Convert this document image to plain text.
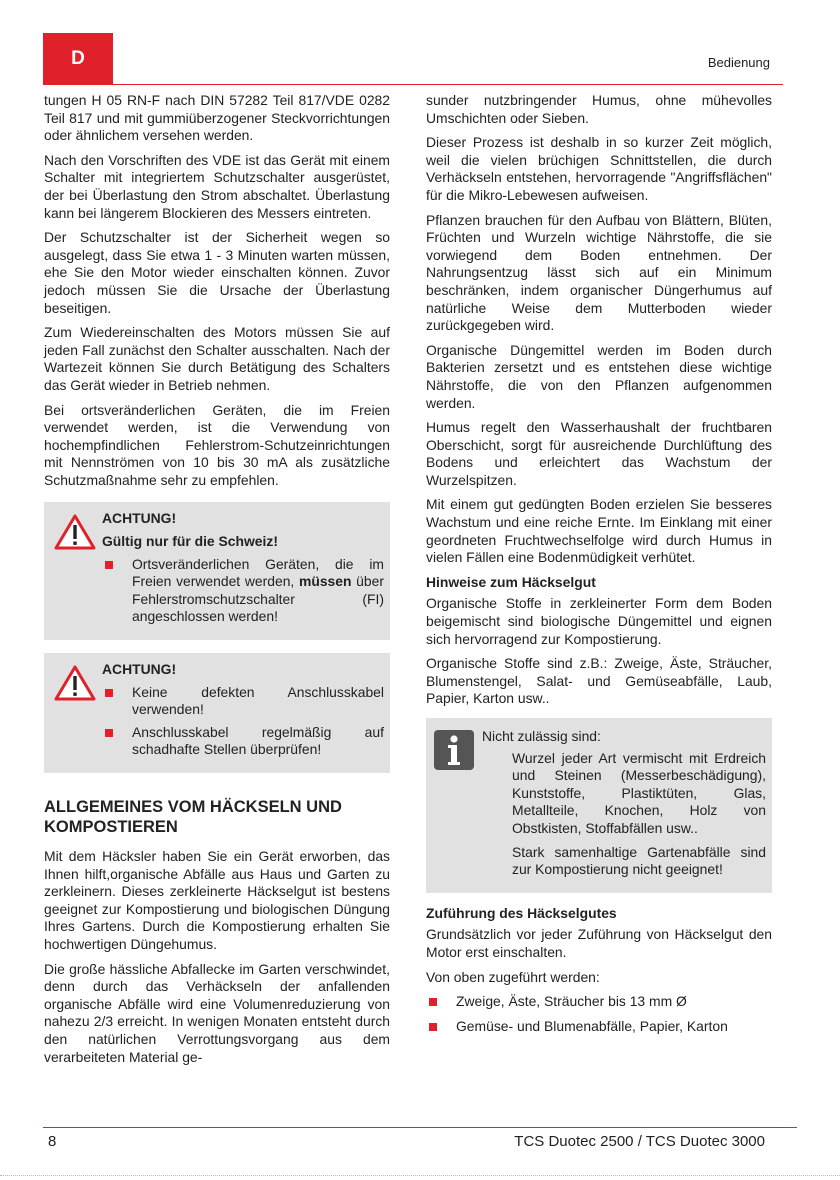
D	Bedienung

tungen H 05 RN-F nach DIN 57282 Teil 817/VDE 0282 Teil 817 und mit gummiüberzogener Steckvorrichtungen oder ähnlichem versehen werden.

Nach den Vorschriften des VDE ist das Gerät mit einem Schalter mit integriertem Schutzschalter ausgerüstet, der bei Überlastung den Strom abschaltet. Überlastung kann bei längerem Blockieren des Messers eintreten.

Der Schutzschalter ist der Sicherheit wegen so ausgelegt, dass Sie etwa 1 - 3 Minuten warten müssen, ehe Sie den Motor wieder einschalten können. Zuvor jedoch müssen Sie die Ursache der Überlastung beseitigen.

Zum Wiedereinschalten des Motors müssen Sie auf jeden Fall zunächst den Schalter ausschalten. Nach der Wartezeit können Sie durch Betätigung des Schalters das Gerät wieder in Betrieb nehmen.

Bei ortsveränderlichen Geräten, die im Freien verwendet werden, ist die Verwendung von hochempfindlichen Fehlerstrom-Schutzeinrichtungen mit Nennströmen von 10 bis 30 mA als zusätzliche Schutzmaßnahme sehr zu empfehlen.

ACHTUNG!
Gültig nur für die Schweiz!
Ortsveränderlichen Geräten, die im Freien verwendet werden, müssen über Fehlerstromschutzschalter (FI) angeschlossen werden!
ACHTUNG!
Keine defekten Anschlusskabel verwenden!
Anschlusskabel regelmäßig auf schadhafte Stellen überprüfen!
ALLGEMEINES VOM HÄCKSELN UND KOMPOSTIEREN

Mit dem Häcksler haben Sie ein Gerät erworben, das Ihnen hilft,organische Abfälle aus Haus und Garten zu zerkleinern. Dieses zerkleinerte Häckselgut ist bestens geeignet zur Kompostierung und biologischen Düngung Ihres Gartens. Durch die Kompostierung erhalten Sie hochwertigen Düngehumus.

Die große hässliche Abfallecke im Garten verschwindet, denn durch das Verhäckseln der anfallenden organische Abfälle wird eine Volumenreduzierung von nahezu 2/3 erreicht. In wenigen Monaten entsteht durch den natürlichen Verrottungsvorgang aus dem verarbeiteten Material ge-

sunder nutzbringender Humus, ohne mühevolles Umschichten oder Sieben.

Dieser Prozess ist deshalb in so kurzer Zeit möglich, weil die vielen brüchigen Schnittstellen, die durch Verhäckseln entstehen, hervorragende "Angriffsflächen" für die Mikro-Lebewesen aufweisen.

Pflanzen brauchen für den Aufbau von Blättern, Blüten, Früchten und Wurzeln wichtige Nährstoffe, die sie vorwiegend dem Boden entnehmen. Der Nahrungsentzug lässt sich auf ein Minimum beschränken, indem organischer Düngerhumus auf natürliche Weise dem Mutterboden wieder zurückgegeben wird.

Organische Düngemittel werden im Boden durch Bakterien zersetzt und es entstehen diese wichtige Nährstoffe, die von den Pflanzen aufgenommen werden.

Humus regelt den Wasserhaushalt der fruchtbaren Oberschicht, sorgt für ausreichende Durchlüftung des Bodens und erleichtert das Wachstum der Wurzelspitzen.

Mit einem gut gedüngten Boden erzielen Sie besseres Wachstum und eine reiche Ernte. Im Einklang mit einer geordneten Fruchtwechselfolge wird durch Humus in vielen Fällen eine Bodenmüdigkeit verhütet.

Hinweise zum Häckselgut

Organische Stoffe in zerkleinerter Form dem Boden beigemischt sind biologische Düngemittel und eignen sich hervorragend zur Kompostierung.

Organische Stoffe sind z.B.: Zweige, Äste, Sträucher, Blumenstengel, Salat- und Gemüseabfälle, Laub, Papier, Karton usw..

Nicht zulässig sind:

Wurzel jeder Art vermischt mit Erdreich und Steinen (Messerbeschädigung), Kunststoffe, Plastiktüten, Glas, Metallteile, Knochen, Holz von Obstkisten, Stoffabfällen usw..

Stark samenhaltige Gartenabfälle sind zur Kompostierung nicht geeignet!

Zuführung des Häckselgutes

Grundsätzlich vor jeder Zuführung von Häckselgut den Motor erst einschalten.

Von oben zugeführt werden:

Zweige, Äste, Sträucher bis 13 mm Ø
Gemüse- und Blumenabfälle, Papier, Karton
8	TCS Duotec 2500 / TCS Duotec 3000
